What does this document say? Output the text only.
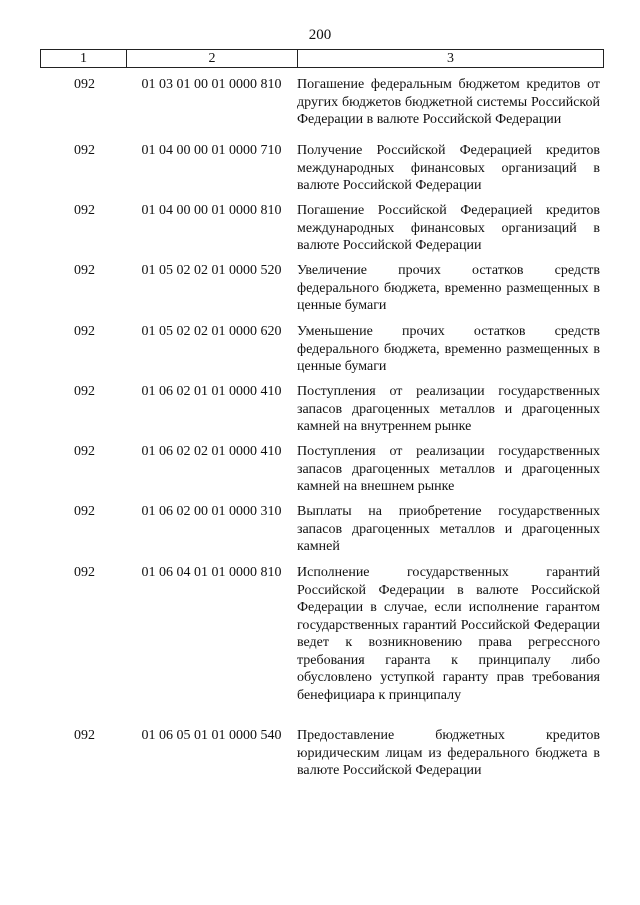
200
1	2	3
092	01 03 01 00 01 0000 810	Погашение федеральным бюджетом кредитов от других бюджетов бюджетной системы Российской Федерации в валюте Российской Федерации
092	01 04 00 00 01 0000 710	Получение Российской Федерацией кредитов международных финансовых организаций в валюте Российской Федерации
092	01 04 00 00 01 0000 810	Погашение Российской Федерацией кредитов международных финансовых организаций в валюте Российской Федерации
092	01 05 02 02 01 0000 520	Увеличение прочих остатков средств федерального бюджета, временно размещенных в ценные бумаги
092	01 05 02 02 01 0000 620	Уменьшение прочих остатков средств федерального бюджета, временно размещенных в ценные бумаги
092	01 06 02 01 01 0000 410	Поступления от реализации государственных запасов драгоценных металлов и драгоценных камней на внутреннем рынке
092	01 06 02 02 01 0000 410	Поступления от реализации государственных запасов драгоценных металлов и драгоценных камней на внешнем рынке
092	01 06 02 00 01 0000 310	Выплаты на приобретение государственных запасов драгоценных металлов и драгоценных камней
092	01 06 04 01 01 0000 810	Исполнение государственных гарантий Российской Федерации в валюте Российской Федерации в случае, если исполнение гарантом государственных гарантий Российской Федерации ведет к возникновению права регрессного требования гаранта к принципалу либо обусловлено уступкой гаранту прав требования бенефициара к принципалу
092	01 06 05 01 01 0000 540	Предоставление бюджетных кредитов юридическим лицам из федерального бюджета в валюте Российской Федерации
